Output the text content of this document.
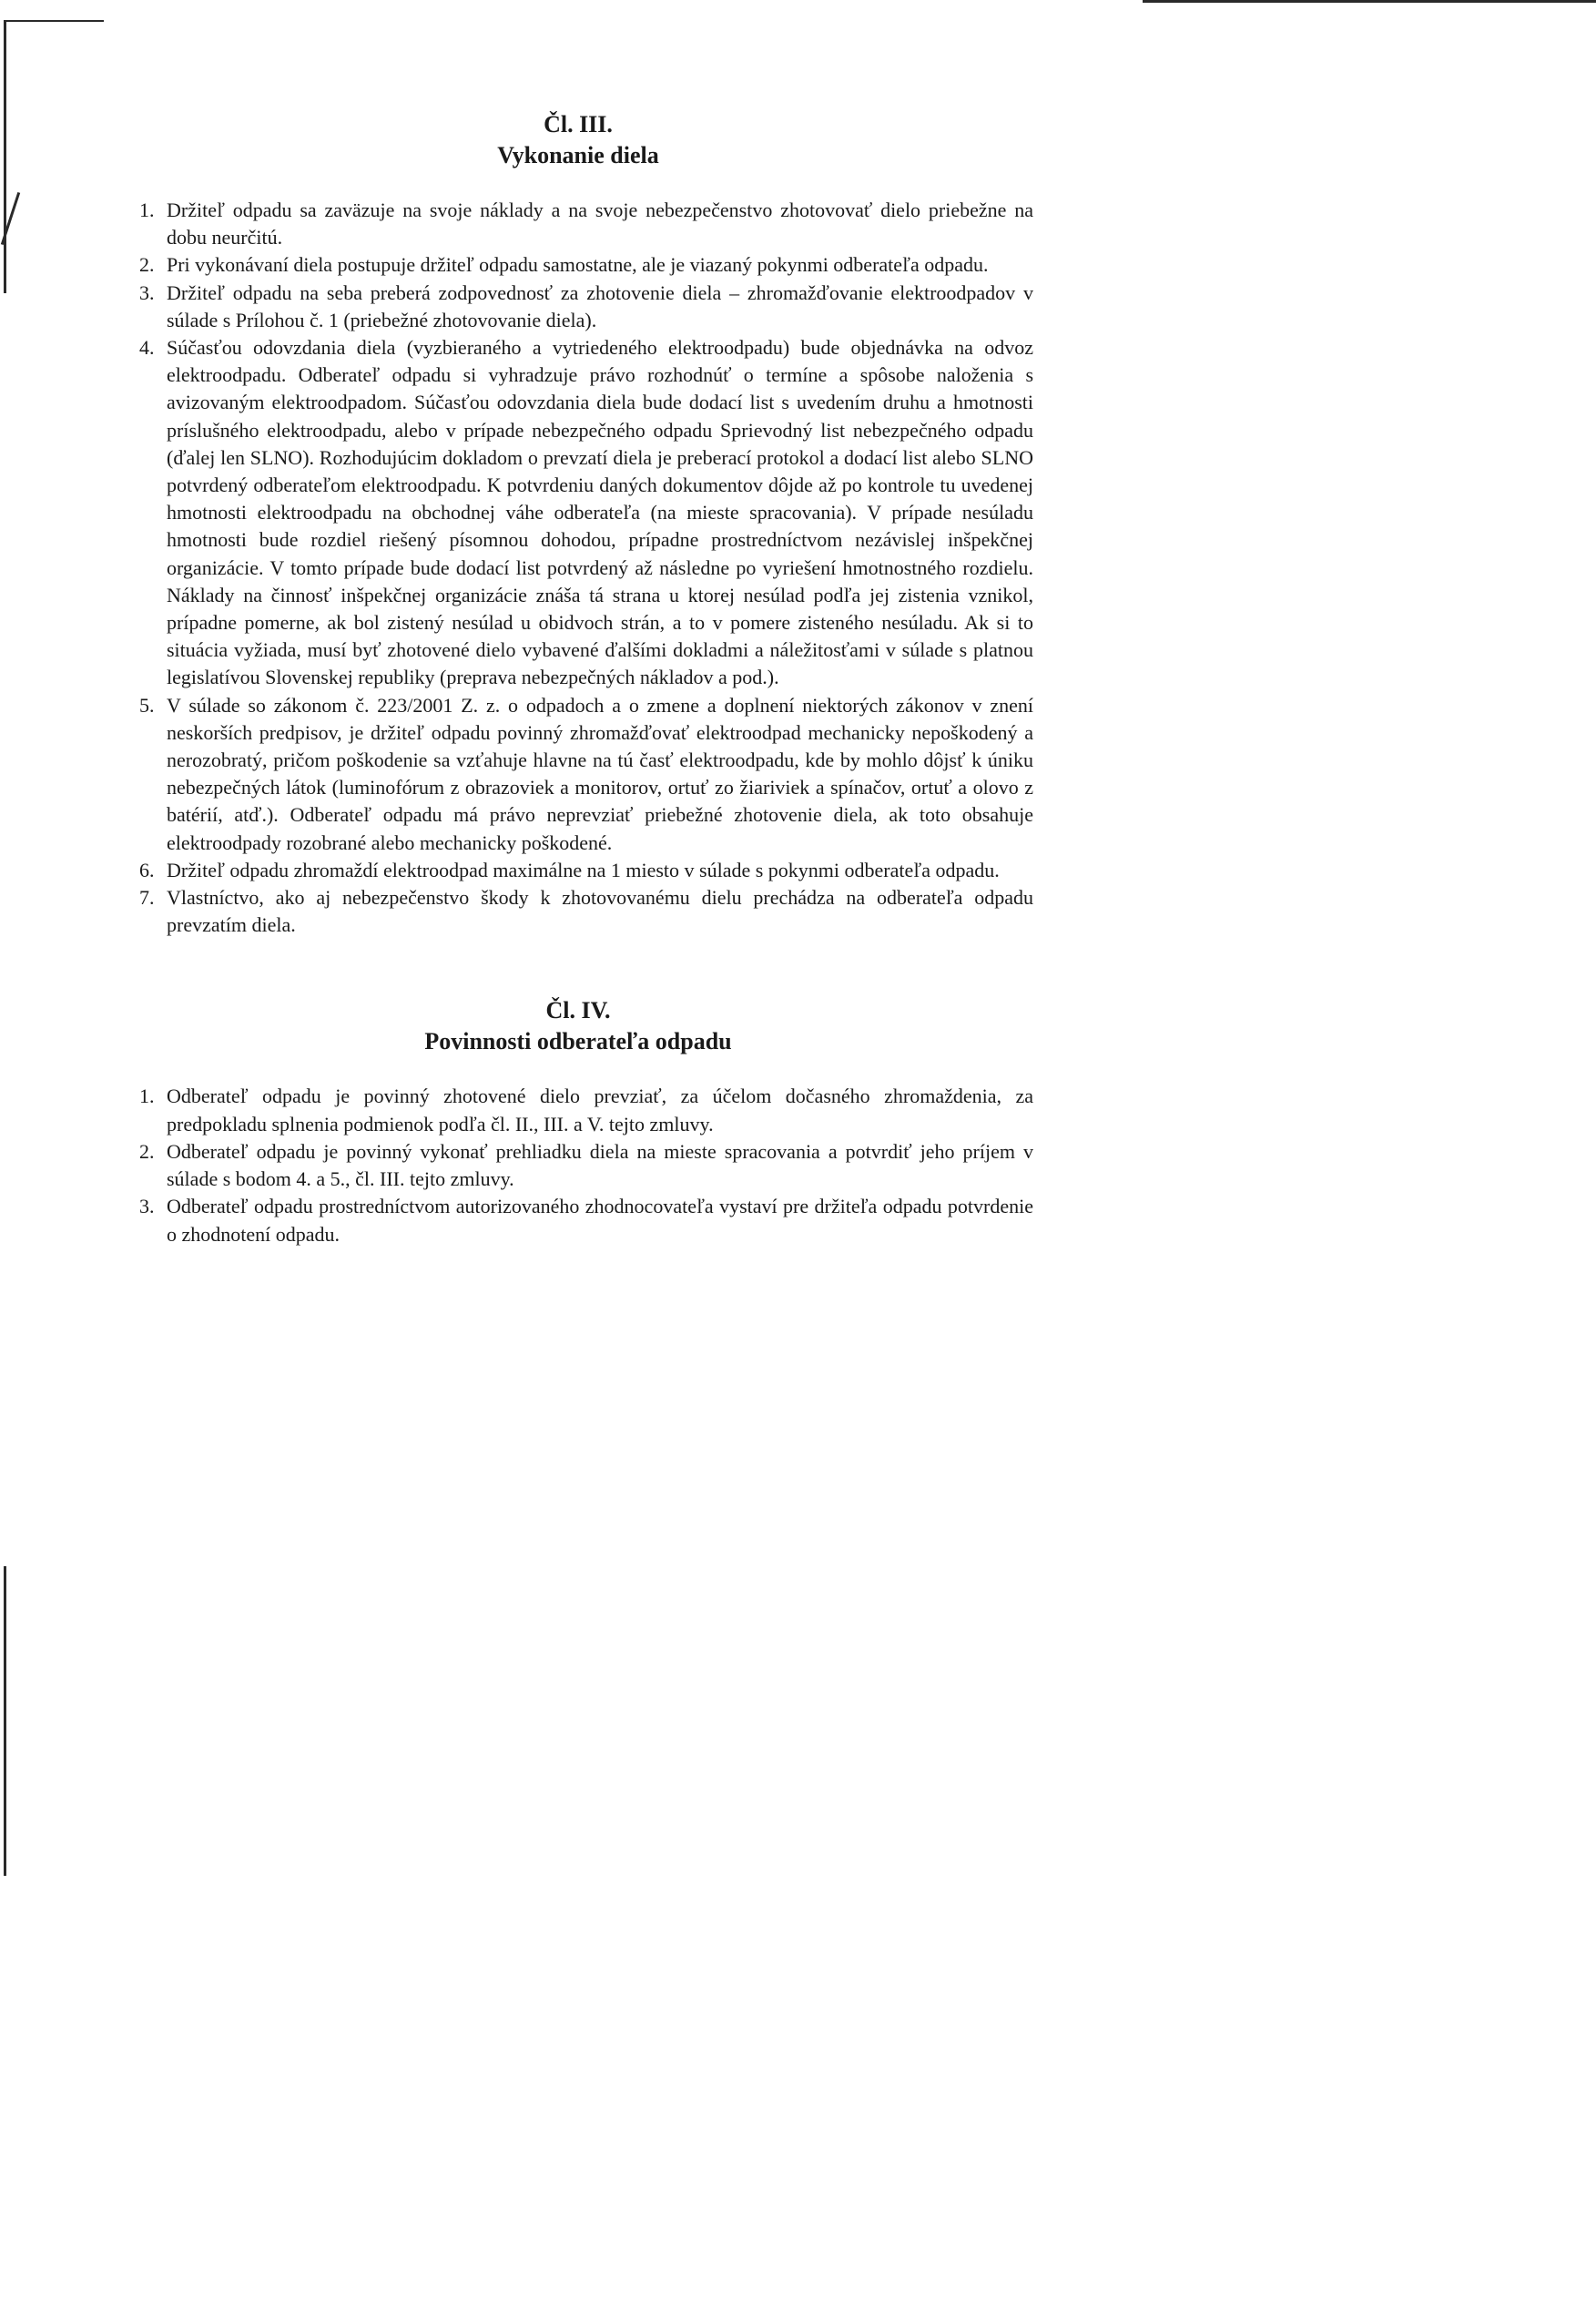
Čl. III.

Vykonanie diela

1. Držiteľ odpadu sa zaväzuje na svoje náklady a na svoje nebezpečenstvo zhotovovať dielo priebežne na dobu neurčitú.
2. Pri vykonávaní diela postupuje držiteľ odpadu samostatne, ale je viazaný pokynmi odberateľa odpadu.
3. Držiteľ odpadu na seba preberá zodpovednosť za zhotovenie diela – zhromažďovanie elektroodpadov v súlade s Prílohou č. 1 (priebežné zhotovovanie diela).
4. Súčasťou odovzdania diela (vyzbieraného a vytriedeného elektroodpadu) bude objednávka na odvoz elektroodpadu. Odberateľ odpadu si vyhradzuje právo rozhodnúť o termíne a spôsobe naloženia s avizovaným elektroodpadom. Súčasťou odovzdania diela bude dodací list s uvedením druhu a hmotnosti príslušného elektroodpadu, alebo v prípade nebezpečného odpadu Sprievodný list nebezpečného odpadu (ďalej len SLNO). Rozhodujúcim dokladom o prevzatí diela je preberací protokol a dodací list alebo SLNO potvrdený odberateľom elektroodpadu. K potvrdeniu daných dokumentov dôjde až po kontrole tu uvedenej hmotnosti elektroodpadu na obchodnej váhe odberateľa (na mieste spracovania). V prípade nesúladu hmotnosti bude rozdiel riešený písomnou dohodou, prípadne prostredníctvom nezávislej inšpekčnej organizácie. V tomto prípade bude dodací list potvrdený až následne po vyriešení hmotnostného rozdielu. Náklady na činnosť inšpekčnej organizácie znáša tá strana u ktorej nesúlad podľa jej zistenia vznikol, prípadne pomerne, ak bol zistený nesúlad u obidvoch strán, a to v pomere zisteného nesúladu. Ak si to situácia vyžiada, musí byť zhotovené dielo vybavené ďalšími dokladmi a náležitosťami v súlade s platnou legislatívou Slovenskej republiky (preprava nebezpečných nákladov a pod.).
5. V súlade so zákonom č. 223/2001 Z. z. o odpadoch a o zmene a doplnení niektorých zákonov v znení neskorších predpisov, je držiteľ odpadu povinný zhromažďovať elektroodpad mechanicky nepoškodený a nerozobratý, pričom poškodenie sa vzťahuje hlavne na tú časť elektroodpadu, kde by mohlo dôjsť k úniku nebezpečných látok (luminofórum z obrazoviek a monitorov, ortuť zo žiariviek a spínačov, ortuť a olovo z batérií, atď.). Odberateľ odpadu má právo neprevziať priebežné zhotovenie diela, ak toto obsahuje elektroodpady rozobrané alebo mechanicky poškodené.
6. Držiteľ odpadu zhromaždí elektroodpad maximálne na 1 miesto v súlade s pokynmi odberateľa odpadu.
7. Vlastníctvo, ako aj nebezpečenstvo škody k zhotovovanému dielu prechádza na odberateľa odpadu prevzatím diela.

Čl. IV.

Povinnosti odberateľa odpadu

1. Odberateľ odpadu je povinný zhotovené dielo prevziať, za účelom dočasného zhromaždenia, za predpokladu splnenia podmienok podľa čl. II., III. a V. tejto zmluvy.
2. Odberateľ odpadu je povinný vykonať prehliadku diela na mieste spracovania a potvrdiť jeho príjem v súlade s bodom 4. a 5., čl. III. tejto zmluvy.
3. Odberateľ odpadu prostredníctvom autorizovaného zhodnocovateľa vystaví pre držiteľa odpadu potvrdenie o zhodnotení odpadu.
